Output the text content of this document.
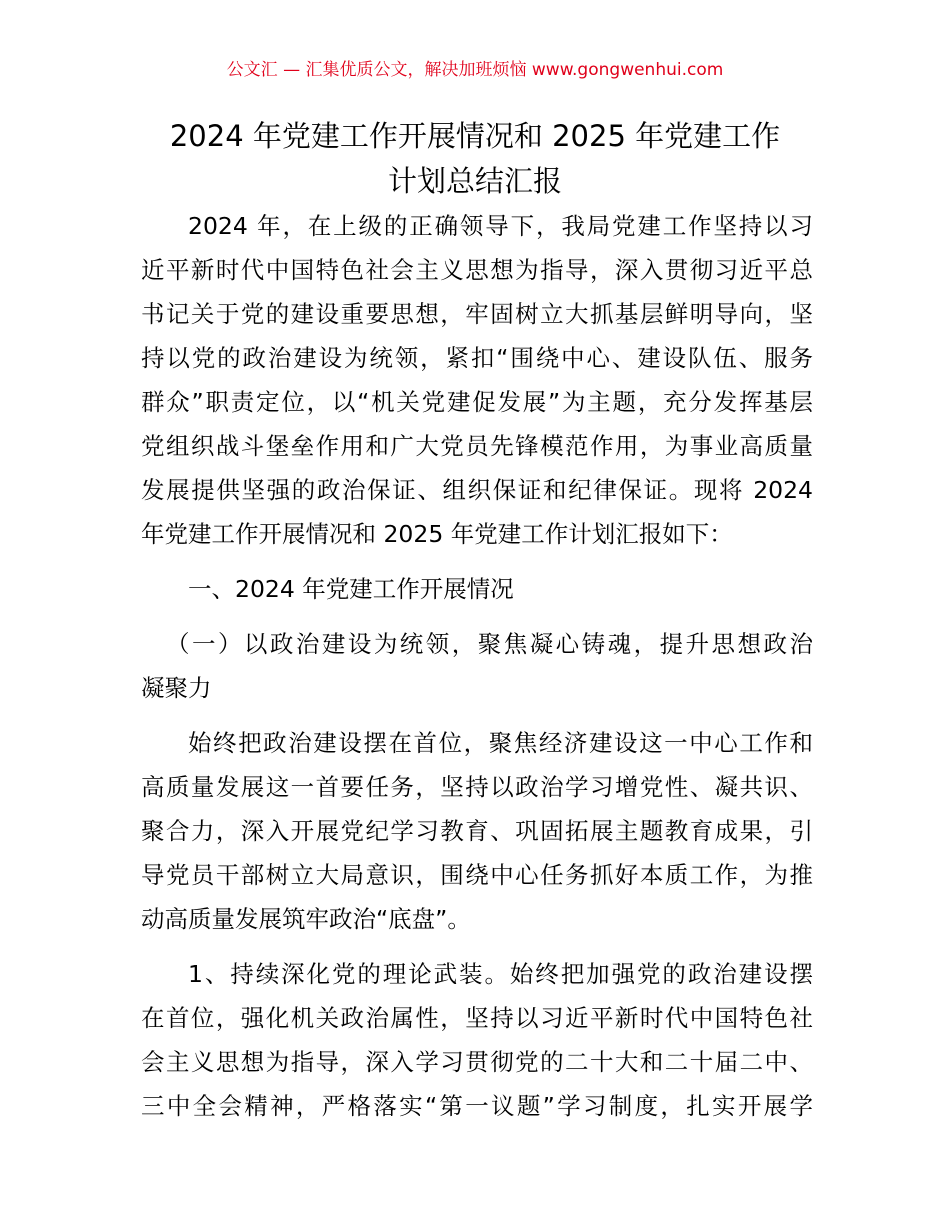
公文汇 — 汇集优质公文，解决加班烦恼 www.gongwenhui.com
2024 年党建工作开展情况和 2025 年党建工作
计划总结汇报
2024 年，在上级的正确领导下，我局党建工作坚持以习
近平新时代中国特色社会主义思想为指导，深入贯彻习近平总
书记关于党的建设重要思想，牢固树立大抓基层鲜明导向，坚
持以党的政治建设为统领，紧扣“围绕中心、建设队伍、服务
群众”职责定位，以“机关党建促发展”为主题，充分发挥基层
党组织战斗堡垒作用和广大党员先锋模范作用，为事业高质量
发展提供坚强的政治保证、组织保证和纪律保证。现将 2024
年党建工作开展情况和 2025 年党建工作计划汇报如下：
一、2024 年党建工作开展情况
（一）以政治建设为统领，聚焦凝心铸魂，提升思想政治
凝聚力
始终把政治建设摆在首位，聚焦经济建设这一中心工作和
高质量发展这一首要任务，坚持以政治学习增党性、凝共识、
聚合力，深入开展党纪学习教育、巩固拓展主题教育成果，引
导党员干部树立大局意识，围绕中心任务抓好本质工作，为推
动高质量发展筑牢政治“底盘”。
1、持续深化党的理论武装。始终把加强党的政治建设摆
在首位，强化机关政治属性，坚持以习近平新时代中国特色社
会主义思想为指导，深入学习贯彻党的二十大和二十届二中、
三中全会精神，严格落实“第一议题”学习制度，扎实开展学
